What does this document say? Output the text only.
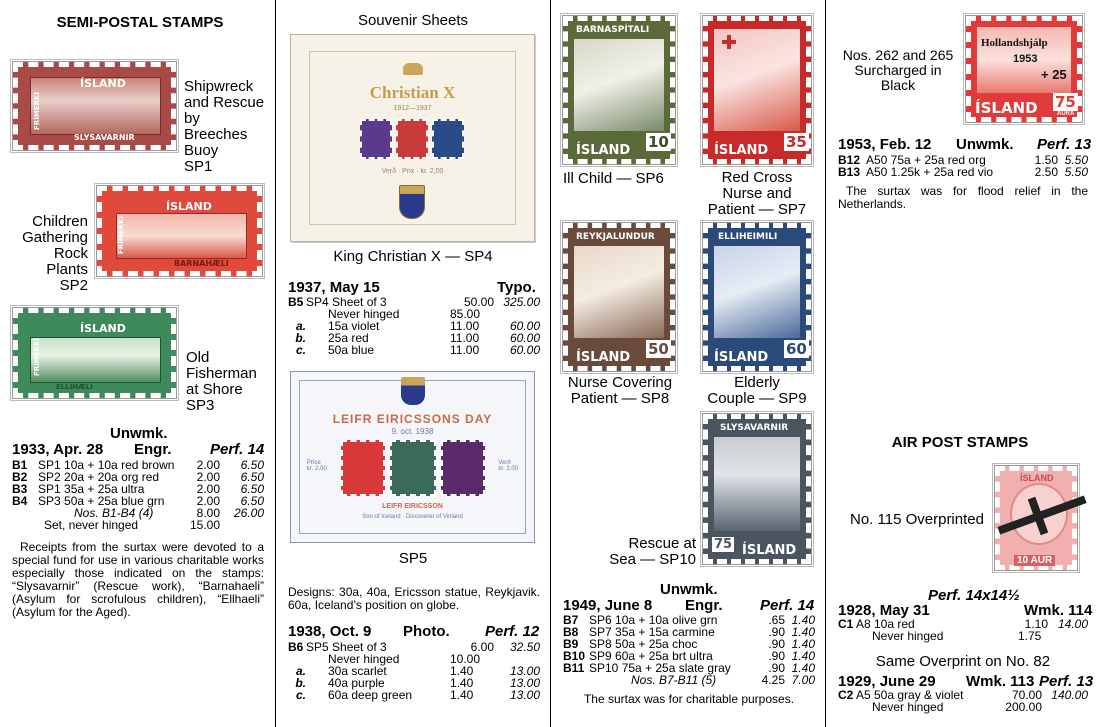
SEMI-POSTAL STAMPS
ÍSLAND
SLYSAVARNIR
FRÍMERKI
Shipwreck
and Rescue
by
Breeches
Buoy
SP1
ÍSLAND
BARNAHÆLI
FRÍMERKI
Children
Gathering
Rock
Plants
SP2
ÍSLAND
ELLIHÆLI
FRÍMERKI	Old
Fisherman
at Shore
SP3
Unwmk.
1933, Apr. 28 Engr.	Perf. 14
B1	SP1 10a + 10a red brown	2.00	6.50
B2	SP2 20a + 20a org red	2.00	6.50
B3	SP1 35a + 25a ultra	2.00	6.50
B4	SP3 50a + 25a blue grn	2.00	6.50
	Nos. B1-B4 (4)	8.00	26.00
	Set, never hinged	15.00	
Receipts from the surtax were devoted to a special fund for use in various charitable works especially those indicated on the stamps: “Slysavarnir” (Rescue work), “Barnahaeli” (Asylum for scrofulous children), “Ellhaeli” (Asylum for the Aged).
Souvenir Sheets
Christian X
1912—1937
Verð · Prix · kr. 2,00
King Christian X — SP4
1937, May 15	Typo.
B5	SP4 Sheet of 3	50.00	325.00
	Never hinged	85.00	
a.	15a violet	11.00	60.00
b.	25a red	11.00	60.00
c.	50a blue	11.00	60.00
LEIFR EIRICSSONS DAY
9. oct. 1938
Price
kr. 2,00
Verð
kr. 2,00
LEIFR EIRICSSON
Son of Iceland · Discoverer of Vinland
SP5
Designs: 30a, 40a, Ericsson statue, Reykjavik. 60a, Iceland’s position on globe.
1938, Oct. 9 Photo. Perf. 12
B6	SP5 Sheet of 3	6.00	32.50
	Never hinged	10.00	
a.	30a scarlet	1.40	13.00
b.	40a purple	1.40	13.00
c.	60a deep green	1.40	13.00
BARNASPÍTALI
ÍSLAND 10
Ill Child — SP6
ÍSLAND 35
Red Cross
Nurse and
Patient — SP7
REYKJALUNDUR
ÍSLAND 50
Nurse Covering
Patient — SP8
ELLIHEIMILI
ÍSLAND 60
Elderly
Couple — SP9
SLYSAVARNIR
75 ÍSLAND
Rescue at
Sea — SP10
Unwmk.
1949, June 8 Engr. Perf. 14
B7	SP6 10a + 10a olive grn	.65	1.40
B8	SP7 35a + 15a carmine	.90	1.40
B9	SP8 50a + 25a choc	.90	1.40
B10	SP9 60a + 25a brt ultra	.90	1.40
B11	SP10 75a + 25a slate gray	.90	1.40
	Nos. B7-B11 (5)	4.25	7.00
The surtax was for charitable purposes.
Nos. 262 and 265
Surcharged in
Black
Hollandshjálp
1953
+ 25
ÍSLAND 75
AURA
1953, Feb. 12 Unwmk. Perf. 13
B12	A50 75a + 25a red org	1.50	5.50
B13	A50 1.25k + 25a red vio	2.50	5.50
The surtax was for flood relief in the Netherlands.
AIR POST STAMPS
No. 115 Overprinted
ÍSLAND
10 AUR
Perf. 14x14½
1928, May 31	Wmk. 114
C1	A8 10a red	1.10	14.00
	Never hinged	1.75	
Same Overprint on No. 82
1929, June 29 Wmk. 113 Perf. 13
C2	A5 50a gray & violet	70.00	140.00
	Never hinged	200.00	
